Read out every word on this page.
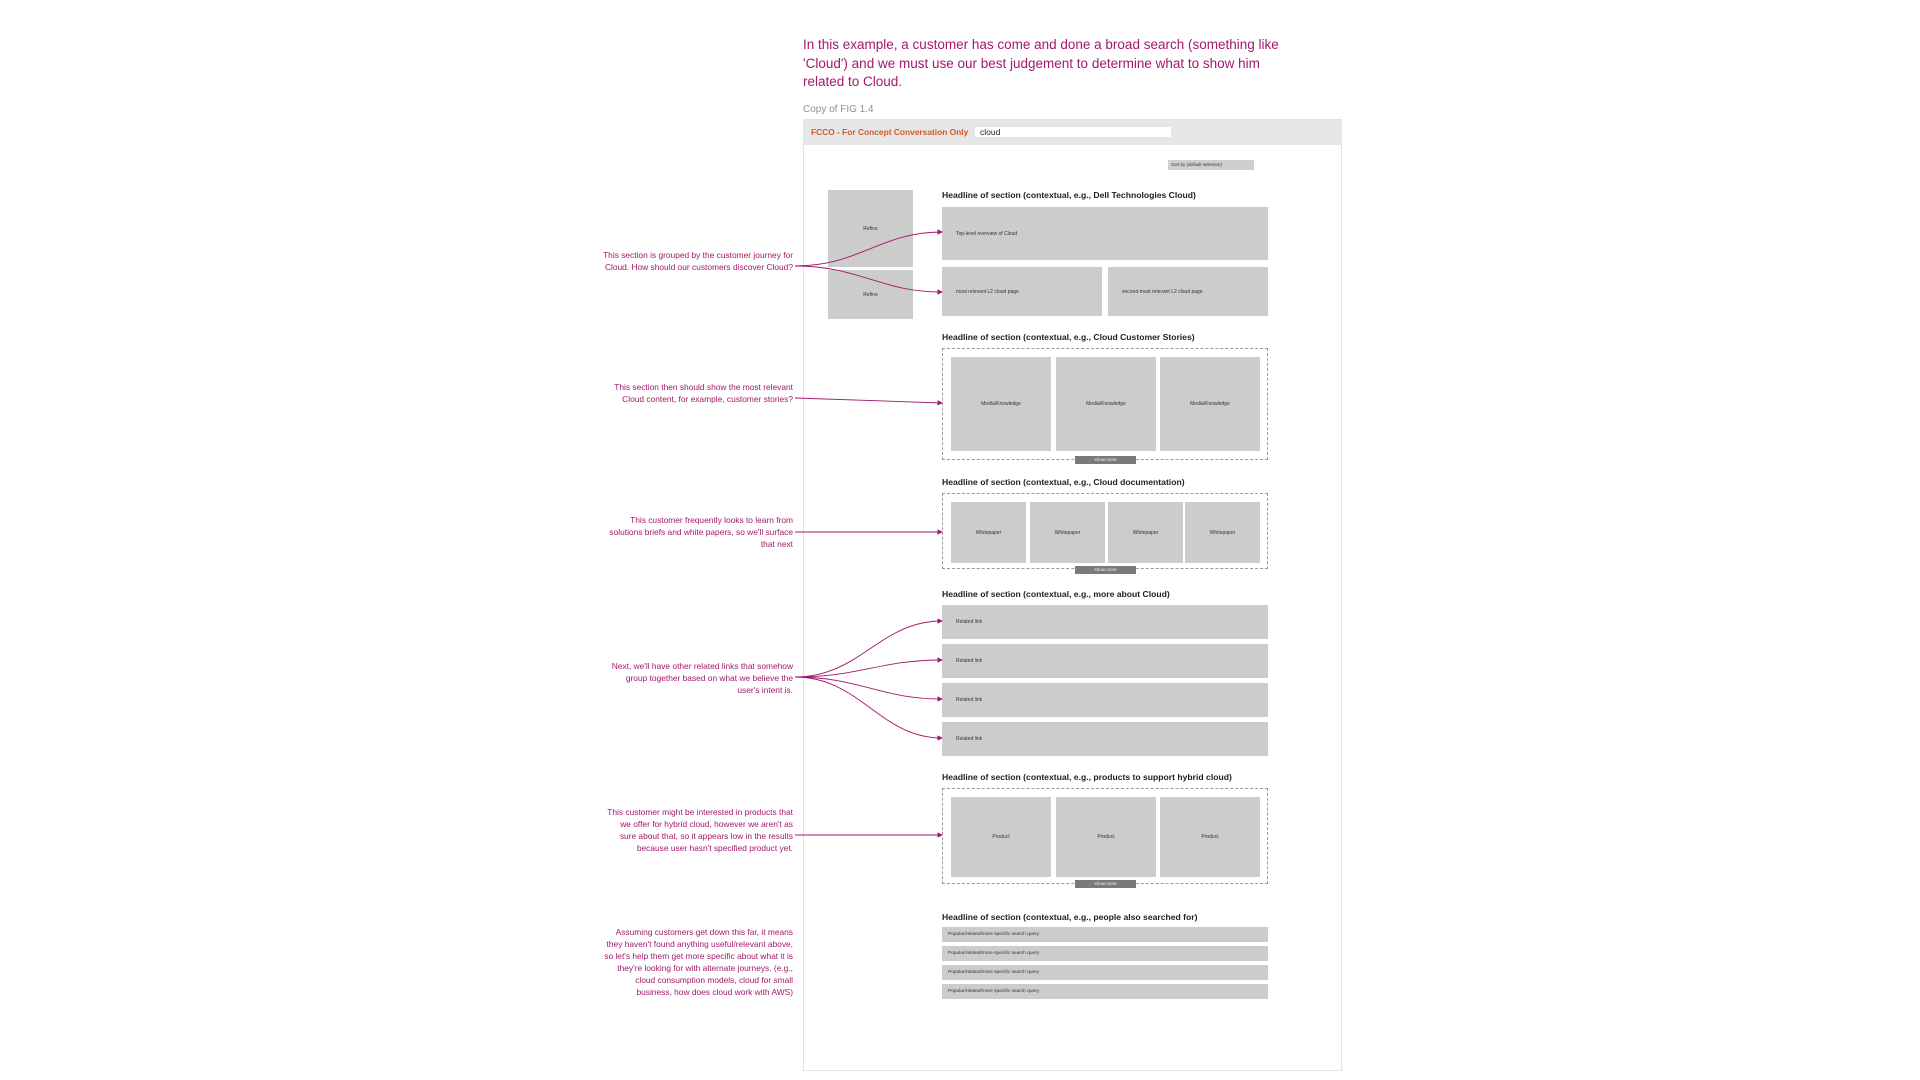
In this example, a customer has come and done a broad search (something like 'Cloud') and we must use our best judgement to determine what to show him related to Cloud.
Copy of FIG 1.4
FCCO - For Concept Conversation Only	cloud
Sort by (default selection)
Headline of section (contextual, e.g., Dell Technologies Cloud)
Refine
Refine
Top-level overview of Cloud
most relevant L2 cloud page	second-most relevant L2 cloud page
Headline of section (contextual, e.g., Cloud Customer Stories)
Media/Knowledge	Media/Knowledge	Media/Knowledge
show more
Headline of section (contextual, e.g., Cloud documentation)
Whitepaper	Whitepaper	Whitepaper	Whitepaper
show more
Headline of section (contextual, e.g., more about Cloud)
Related link
Related link
Related link
Related link
Headline of section (contextual, e.g., products to support hybrid cloud)
Product	Product	Product
show more
Headline of section (contextual, e.g., people also searched for)
Popular/related/more specific search query
Popular/related/more specific search query
Popular/related/more specific search query
Popular/related/more specific search query
This section is grouped by the customer journey for Cloud. How should our customers discover Cloud?
This section then should show the most relevant Cloud content, for example, customer stories?
This customer frequently looks to learn from solutions briefs and white papers, so we'll surface that next
Next, we'll have other related links that somehow group together based on what we believe the user's intent is.
This customer might be interested in products that we offer for hybrid cloud, however we aren't as sure about that, so it appears low in the results because user hasn't specified product yet.
Assuming customers get down this far, it means they haven't found anything useful/relevant above, so let's help them get more specific about what it is they're looking for with alternate journeys. (e.g., cloud consumption models, cloud for small business, how does cloud work with AWS)
